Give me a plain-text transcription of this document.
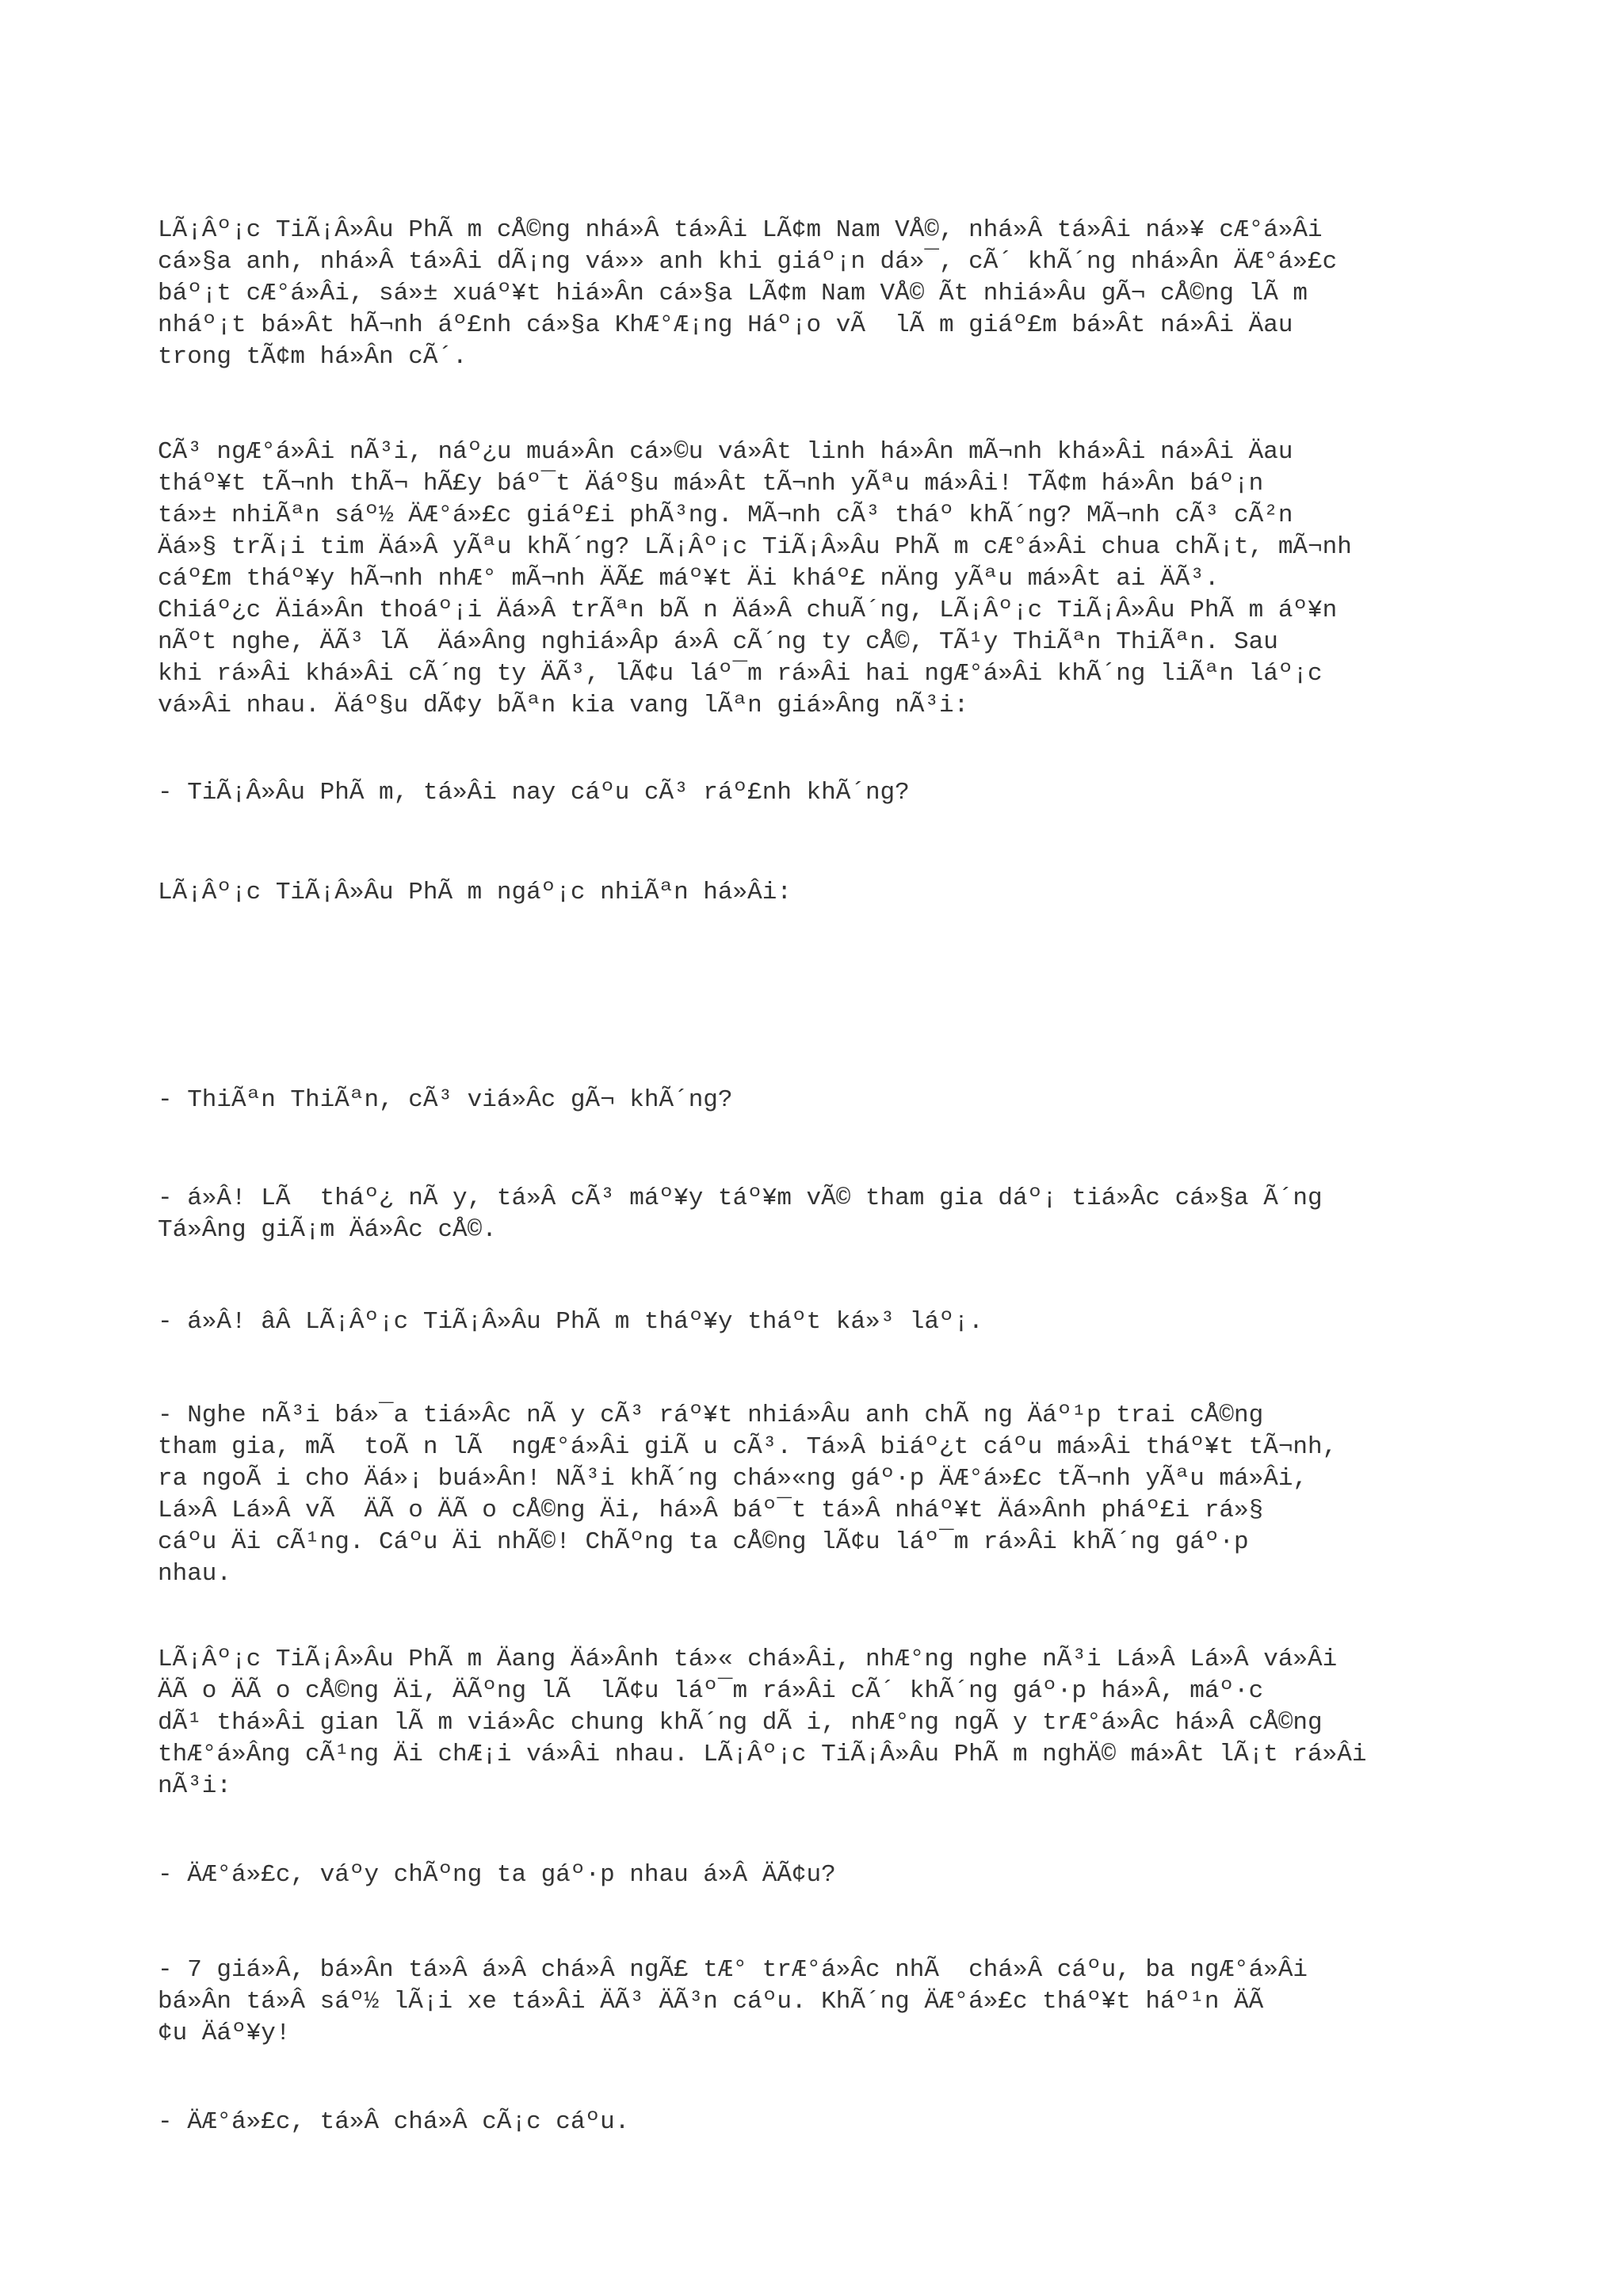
LÃ¡Âº¡c TiÃ¡Â»Âu PhÃ m cÅ©ng nhá»Â tá»Âi LÃ¢m Nam VÅ©, nhá»Â tá»Âi ná»¥ cÆ°á»Âi
cá»§a anh, nhá»Â tá»Âi dÃ¡ng vá»» anh khi giáº¡n dá»¯, cÃ´ khÃ´ng nhá»Ân ÄÆ°á»£c
báº¡t cÆ°á»Âi, sá»± xuáº¥t hiá»Ân cá»§a LÃ¢m Nam VÅ© Ãt nhiá»Âu gÃ¬ cÅ©ng lÃ m
nháº¡t bá»Ât hÃ¬nh áº£nh cá»§a KhÆ°Æ¡ng Háº¡o vÃ  lÃ m giáº£m bá»Ât ná»Âi Äau
trong tÃ¢m há»Ân cÃ´.

CÃ³ ngÆ°á»Âi nÃ³i, náº¿u muá»Ân cá»©u vá»Ât linh há»Ân mÃ¬nh khá»Âi ná»Âi Äau
tháº¥t tÃ¬nh thÃ¬ hÃ£y báº¯t Äáº§u má»Ât tÃ¬nh yÃªu má»Âi! TÃ¢m há»Ân báº¡n
tá»± nhiÃªn sáº½ ÄÆ°á»£c giáº£i phÃ³ng. MÃ¬nh cÃ³ tháº khÃ´ng? MÃ¬nh cÃ³ cÃ²n
Äá»§ trÃ¡i tim Äá»Â yÃªu khÃ´ng? LÃ¡Âº¡c TiÃ¡Â»Âu PhÃ m cÆ°á»Âi chua chÃ¡t, mÃ¬nh
cáº£m tháº¥y hÃ¬nh nhÆ° mÃ¬nh ÄÃ£ máº¥t Äi kháº£ nÄng yÃªu má»Ât ai ÄÃ³.
Chiáº¿c Äiá»Ân thoáº¡i Äá»Â trÃªn bÃ n Äá»Â chuÃ´ng, LÃ¡Âº¡c TiÃ¡Â»Âu PhÃ m áº¥n
nÃºt nghe, ÄÃ³ lÃ  Äá»Âng nghiá»Âp á»Â cÃ´ng ty cÅ©, TÃ¹y ThiÃªn ThiÃªn. Sau
khi rá»Âi khá»Âi cÃ´ng ty ÄÃ³, lÃ¢u láº¯m rá»Âi hai ngÆ°á»Âi khÃ´ng liÃªn láº¡c
vá»Âi nhau. Äáº§u dÃ¢y bÃªn kia vang lÃªn giá»Âng nÃ³i:

- TiÃ¡Â»Âu PhÃ m, tá»Âi nay cáºu cÃ³ ráº£nh khÃ´ng?

LÃ¡Âº¡c TiÃ¡Â»Âu PhÃ m ngáº¡c nhiÃªn há»Âi:

- ThiÃªn ThiÃªn, cÃ³ viá»Âc gÃ¬ khÃ´ng?

- á»Â! LÃ  tháº¿ nÃ y, tá»Â cÃ³ máº¥y táº¥m vÃ© tham gia dáº¡ tiá»Âc cá»§a Ã´ng
Tá»Âng giÃ¡m Äá»Âc cÅ©.

- á»Â! âÂ LÃ¡Âº¡c TiÃ¡Â»Âu PhÃ m tháº¥y tháºt ká»³ láº¡.

- Nghe nÃ³i bá»¯a tiá»Âc nÃ y cÃ³ ráº¥t nhiá»Âu anh chÃ ng Äáº¹p trai cÅ©ng
tham gia, mÃ  toÃ n lÃ  ngÆ°á»Âi giÃ u cÃ³. Tá»Â biáº¿t cáºu má»Âi tháº¥t tÃ¬nh,
ra ngoÃ i cho Äá»¡ buá»Ân! NÃ³i khÃ´ng chá»«ng gáº·p ÄÆ°á»£c tÃ¬nh yÃªu má»Âi,
Lá»Â Lá»Â vÃ  ÄÃ o ÄÃ o cÅ©ng Äi, há»Â báº¯t tá»Â nháº¥t Äá»Ânh pháº£i rá»§
cáºu Äi cÃ¹ng. Cáºu Äi nhÃ©! ChÃºng ta cÅ©ng lÃ¢u láº¯m rá»Âi khÃ´ng gáº·p
nhau.

LÃ¡Âº¡c TiÃ¡Â»Âu PhÃ m Äang Äá»Ânh tá»« chá»Âi, nhÆ°ng nghe nÃ³i Lá»Â Lá»Â vá»Âi
ÄÃ o ÄÃ o cÅ©ng Äi, ÄÃºng lÃ  lÃ¢u láº¯m rá»Âi cÃ´ khÃ´ng gáº·p há»Â, máº·c
dÃ¹ thá»Âi gian lÃ m viá»Âc chung khÃ´ng dÃ i, nhÆ°ng ngÃ y trÆ°á»Âc há»Â cÅ©ng
thÆ°á»Âng cÃ¹ng Äi chÆ¡i vá»Âi nhau. LÃ¡Âº¡c TiÃ¡Â»Âu PhÃ m nghÄ© má»Ât lÃ¡t rá»Âi
nÃ³i:

- ÄÆ°á»£c, váºy chÃºng ta gáº·p nhau á»Â ÄÃ¢u?

- 7 giá»Â, bá»Ân tá»Â á»Â chá»Â ngÃ£ tÆ° trÆ°á»Âc nhÃ  chá»Â cáºu, ba ngÆ°á»Âi
bá»Ân tá»Â sáº½ lÃ¡i xe tá»Âi ÄÃ³ ÄÃ³n cáºu. KhÃ´ng ÄÆ°á»£c tháº¥t háº¹n ÄÃ
¢u Äáº¥y!

- ÄÆ°á»£c, tá»Â chá»Â cÃ¡c cáºu.
